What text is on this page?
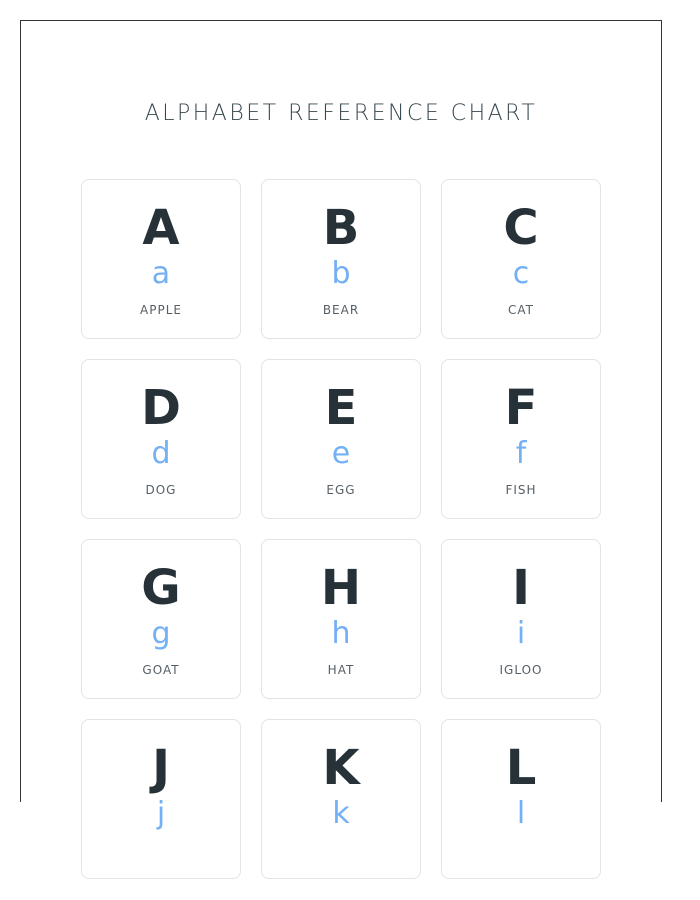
ALPHABET REFERENCE CHART
A
a
APPLE
B
b
BEAR
C
c
CAT
D
d
DOG
E
e
EGG
F
f
FISH
G
g
GOAT
H
h
HAT
I
i
IGLOO
J
j
K
k
L
l
